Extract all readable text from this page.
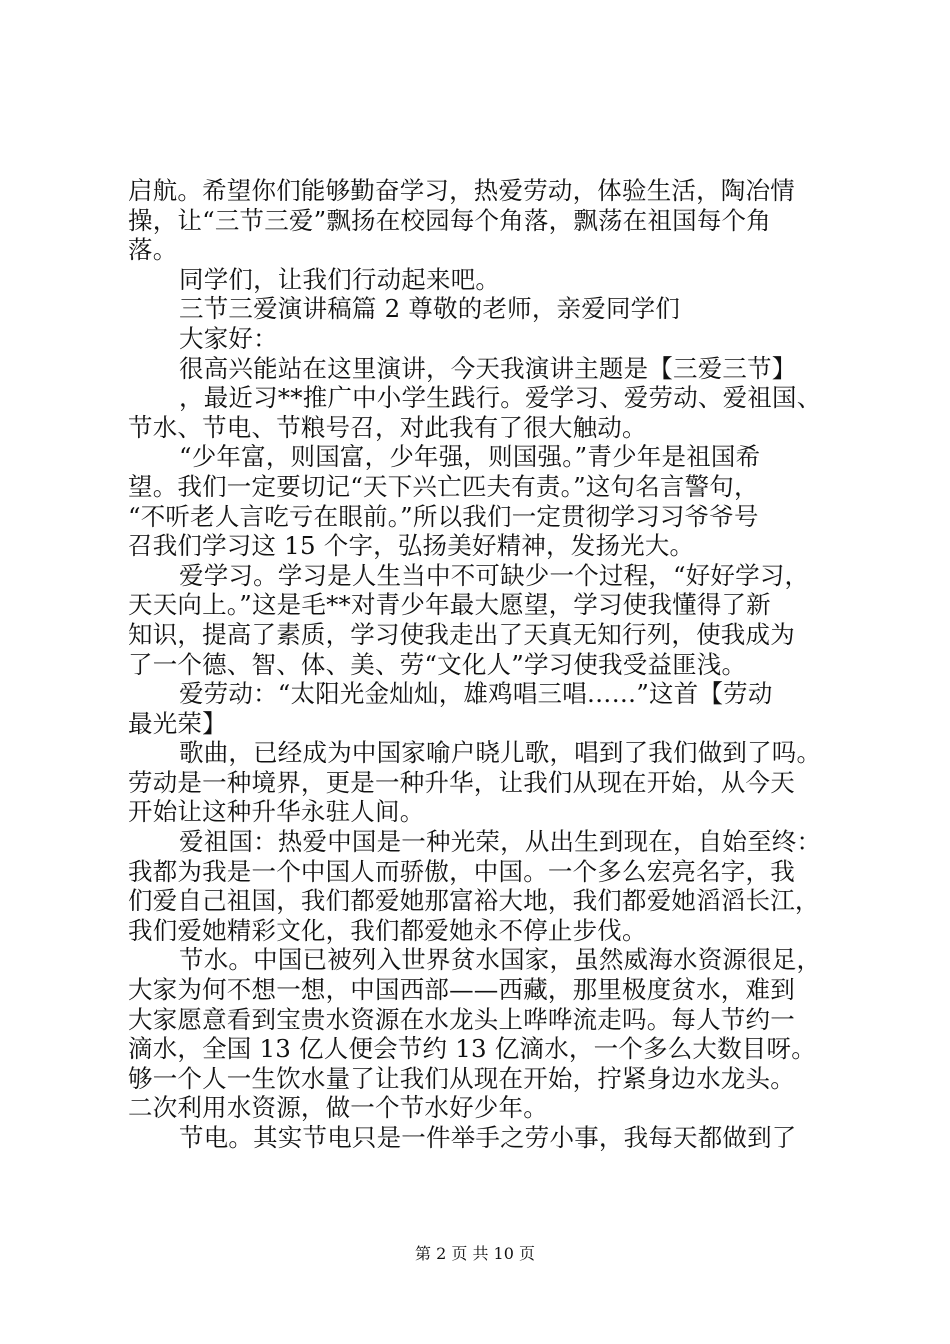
启航。希望你们能够勤奋学习，热爱劳动，体验生活，陶冶情
操，让“三节三爱”飘扬在校园每个角落，飘荡在祖国每个角
落。
同学们，让我们行动起来吧。
三节三爱演讲稿篇 2 尊敬的老师，亲爱同学们
大家好：
很高兴能站在这里演讲，今天我演讲主题是【三爱三节】
，最近习**推广中小学生践行。爱学习、爱劳动、爱祖国、
节水、节电、节粮号召，对此我有了很大触动。
“少年富，则国富，少年强，则国强。”青少年是祖国希
望。我们一定要切记“天下兴亡匹夫有责。”这句名言警句，
“不听老人言吃亏在眼前。”所以我们一定贯彻学习习爷爷号
召我们学习这 15 个字，弘扬美好精神，发扬光大。
爱学习。学习是人生当中不可缺少一个过程，“好好学习，
天天向上。”这是毛**对青少年最大愿望，学习使我懂得了新
知识，提高了素质，学习使我走出了天真无知行列，使我成为
了一个德、智、体、美、劳“文化人”学习使我受益匪浅。
爱劳动：“太阳光金灿灿，雄鸡唱三唱……”这首【劳动
最光荣】
歌曲，已经成为中国家喻户晓儿歌，唱到了我们做到了吗。
劳动是一种境界，更是一种升华，让我们从现在开始，从今天
开始让这种升华永驻人间。
爱祖国：热爱中国是一种光荣，从出生到现在，自始至终：
我都为我是一个中国人而骄傲，中国。一个多么宏亮名字，我
们爱自己祖国，我们都爱她那富裕大地，我们都爱她滔滔长江，
我们爱她精彩文化，我们都爱她永不停止步伐。
节水。中国已被列入世界贫水国家，虽然威海水资源很足，
大家为何不想一想，中国西部——西藏，那里极度贫水，难到
大家愿意看到宝贵水资源在水龙头上哗哗流走吗。每人节约一
滴水，全国 13 亿人便会节约 13 亿滴水，一个多么大数目呀。
够一个人一生饮水量了让我们从现在开始，拧紧身边水龙头。
二次利用水资源，做一个节水好少年。
节电。其实节电只是一件举手之劳小事，我每天都做到了
第 2 页 共 10 页
